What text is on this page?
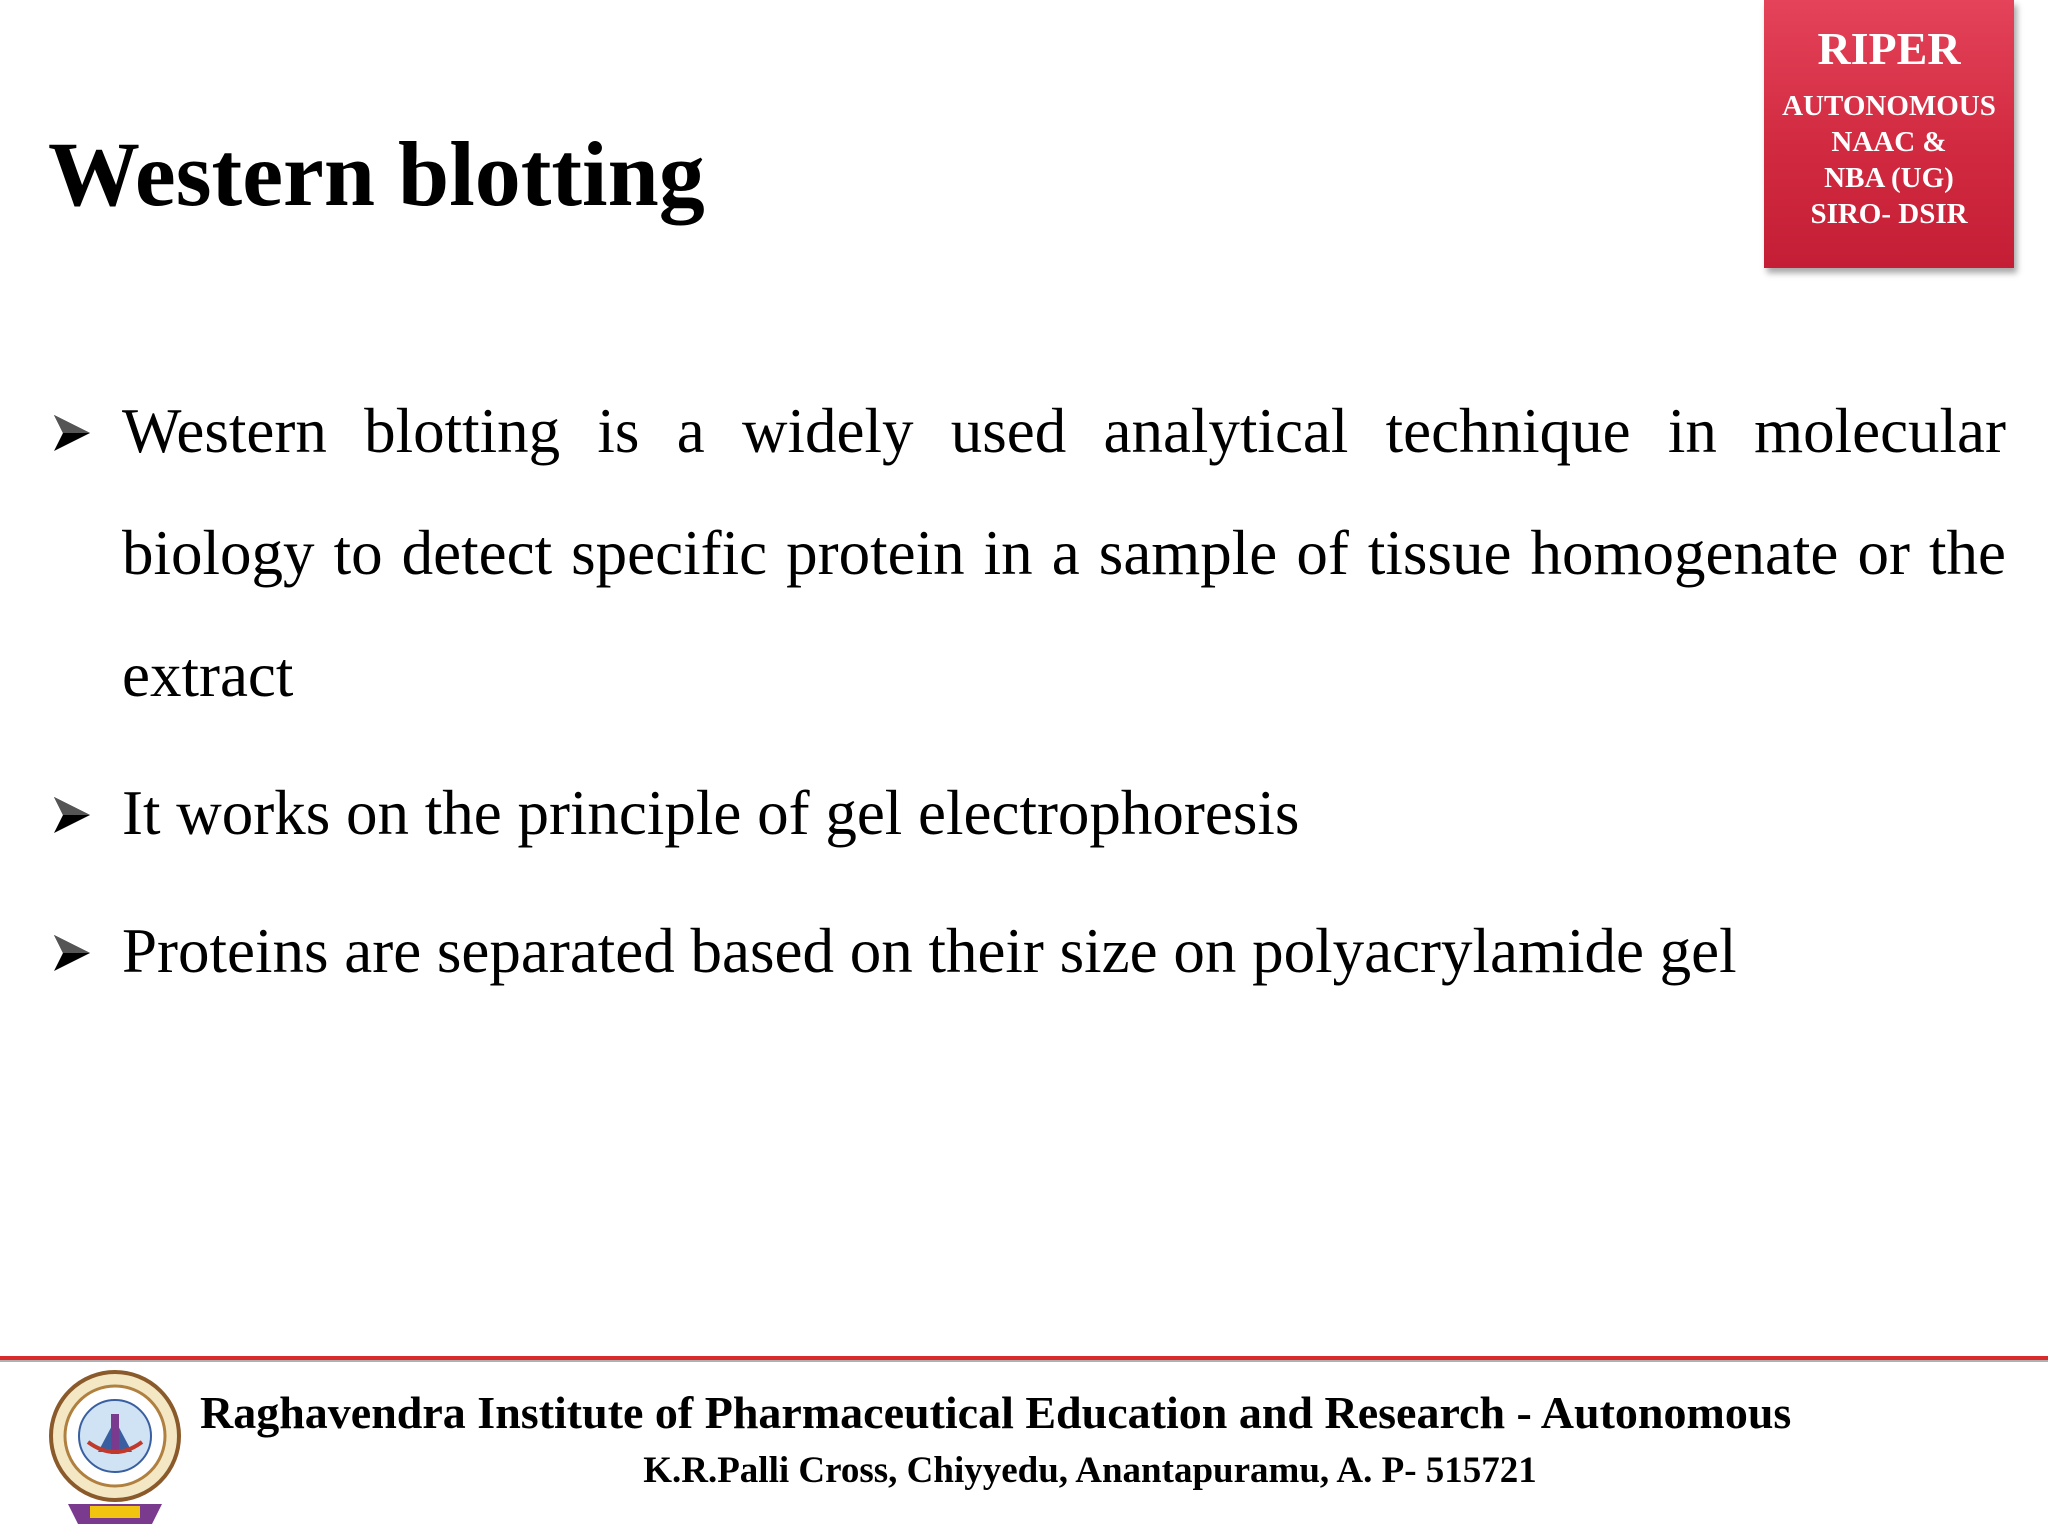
Western blotting
RIPER
AUTONOMOUS
NAAC &
NBA (UG)
SIRO- DSIR
Western blotting is a widely used analytical technique in molecular biology to detect specific protein in a sample of tissue homogenate or the extract
It works on the principle of gel electrophoresis
Proteins are separated based on their size on polyacrylamide gel
Raghavendra Institute of Pharmaceutical Education and Research - Autonomous
K.R.Palli Cross, Chiyyedu, Anantapuramu, A. P- 515721
